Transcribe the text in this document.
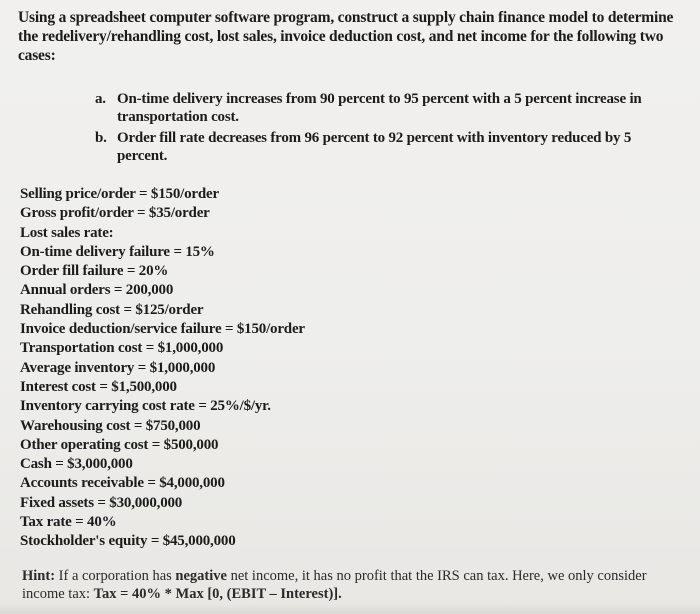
Using a spreadsheet computer software program, construct a supply chain finance model to determine the redelivery/rehandling cost, lost sales, invoice deduction cost, and net income for the following two cases:
a. On-time delivery increases from 90 percent to 95 percent with a 5 percent increase in transportation cost.
b. Order fill rate decreases from 96 percent to 92 percent with inventory reduced by 5 percent.
Selling price/order = $150/order
Gross profit/order = $35/order
Lost sales rate:
On-time delivery failure = 15%
Order fill failure = 20%
Annual orders = 200,000
Rehandling cost = $125/order
Invoice deduction/service failure = $150/order
Transportation cost = $1,000,000
Average inventory = $1,000,000
Interest cost = $1,500,000
Inventory carrying cost rate = 25%/$/yr.
Warehousing cost = $750,000
Other operating cost = $500,000
Cash = $3,000,000
Accounts receivable = $4,000,000
Fixed assets = $30,000,000
Tax rate = 40%
Stockholder's equity = $45,000,000

Hint: If a corporation has negative net income, it has no profit that the IRS can tax. Here, we only consider income tax: Tax = 40% * Max [0, (EBIT – Interest)].
